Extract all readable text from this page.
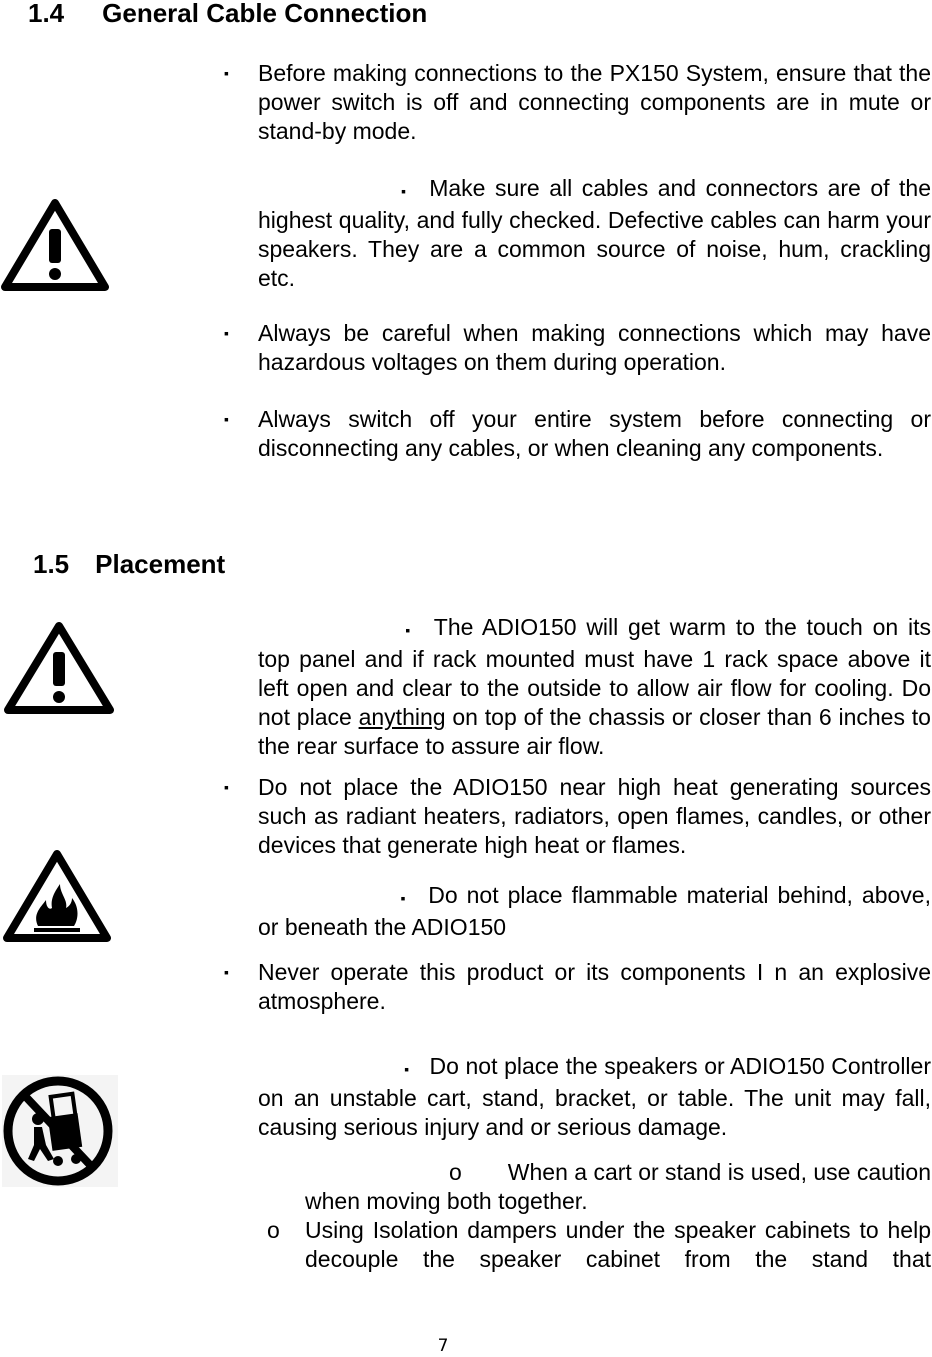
1.4 General Cable Connection
▪ Before making connections to the PX150 System, ensure that the power switch is off and connecting components are in mute or stand-by mode.
▪ Make sure all cables and connectors are of the highest quality, and fully checked. Defective cables can harm your speakers. They are a common source of noise, hum, crackling etc.
▪ Always be careful when making connections which may have hazardous voltages on them during operation.
▪ Always switch off your entire system before connecting or disconnecting any cables, or when cleaning any components.
1.5 Placement
▪ The ADIO150 will get warm to the touch on its top panel and if rack mounted must have 1 rack space above it left open and clear to the outside to allow air flow for cooling. Do not place anything on top of the chassis or closer than 6 inches to the rear surface to assure air flow.
▪ Do not place the ADIO150 near high heat generating sources such as radiant heaters, radiators, open flames, candles, or other devices that generate high heat or flames.
▪ Do not place flammable material behind, above, or beneath the ADIO150
▪ Never operate this product or its components I n an explosive atmosphere.
▪ Do not place the speakers or ADIO150 Controller on an unstable cart, stand, bracket, or table. The unit may fall, causing serious injury and or serious damage.
o When a cart or stand is used, use caution when moving both together.
o Using Isolation dampers under the speaker cabinets to help decouple the speaker cabinet from the stand that
7
